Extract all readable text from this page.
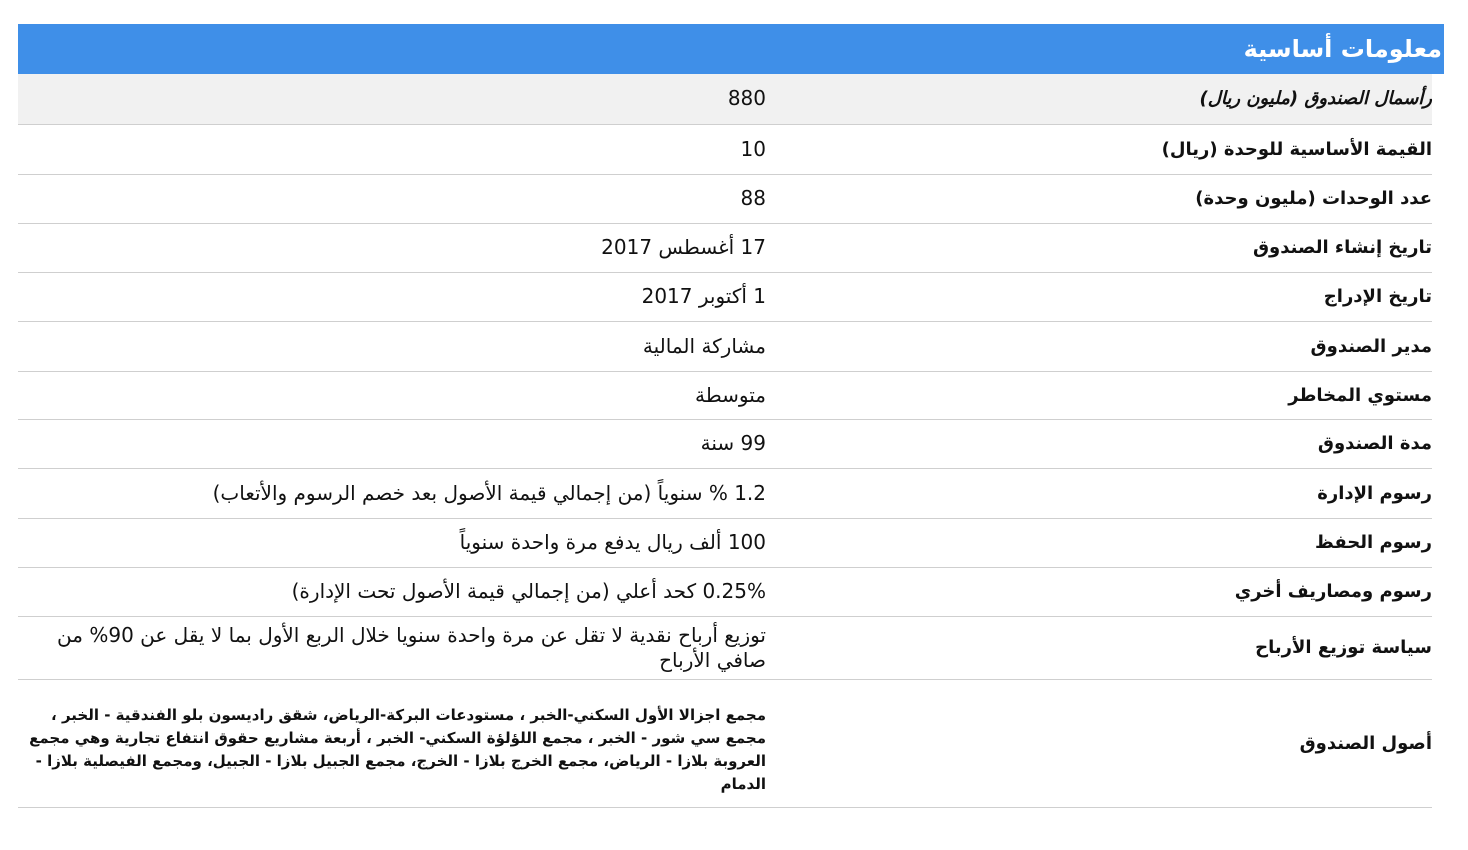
معلومات أساسية
رأسمال الصندوق (مليون ريال)	880
القيمة الأساسية للوحدة (ريال)	10
عدد الوحدات (مليون وحدة)	88
تاريخ إنشاء الصندوق	17 أغسطس 2017
تاريخ الإدراج	1 أكتوبر 2017
مدير الصندوق	مشاركة المالية
مستوي المخاطر	متوسطة
مدة الصندوق	99 سنة
رسوم الإدارة	1.2 % سنوياً (من إجمالي قيمة الأصول بعد خصم الرسوم والأتعاب)
رسوم الحفظ	100 ألف ريال يدفع مرة واحدة سنوياً
رسوم ومصاريف أخري	0.25% كحد أعلي (من إجمالي قيمة الأصول تحت الإدارة)
سياسة توزيع الأرباح	توزيع أرباح نقدية لا تقل عن مرة واحدة سنويا خلال الربع الأول بما لا يقل عن 90% من صافي الأرباح
أصول الصندوق	مجمع اجزالا الأول السكني-الخبر ، مستودعات البركة-الرياض، شقق راديسون بلو الفندقية - الخبر ، مجمع سي شور - الخبر ، مجمع اللؤلؤة السكني- الخبر ، أربعة مشاريع حقوق انتفاع تجارية وهي مجمع العروبة بلازا - الرياض، مجمع الخرج بلازا - الخرج، مجمع الجبيل بلازا - الجبيل، ومجمع الفيصلية بلازا - الدمام
